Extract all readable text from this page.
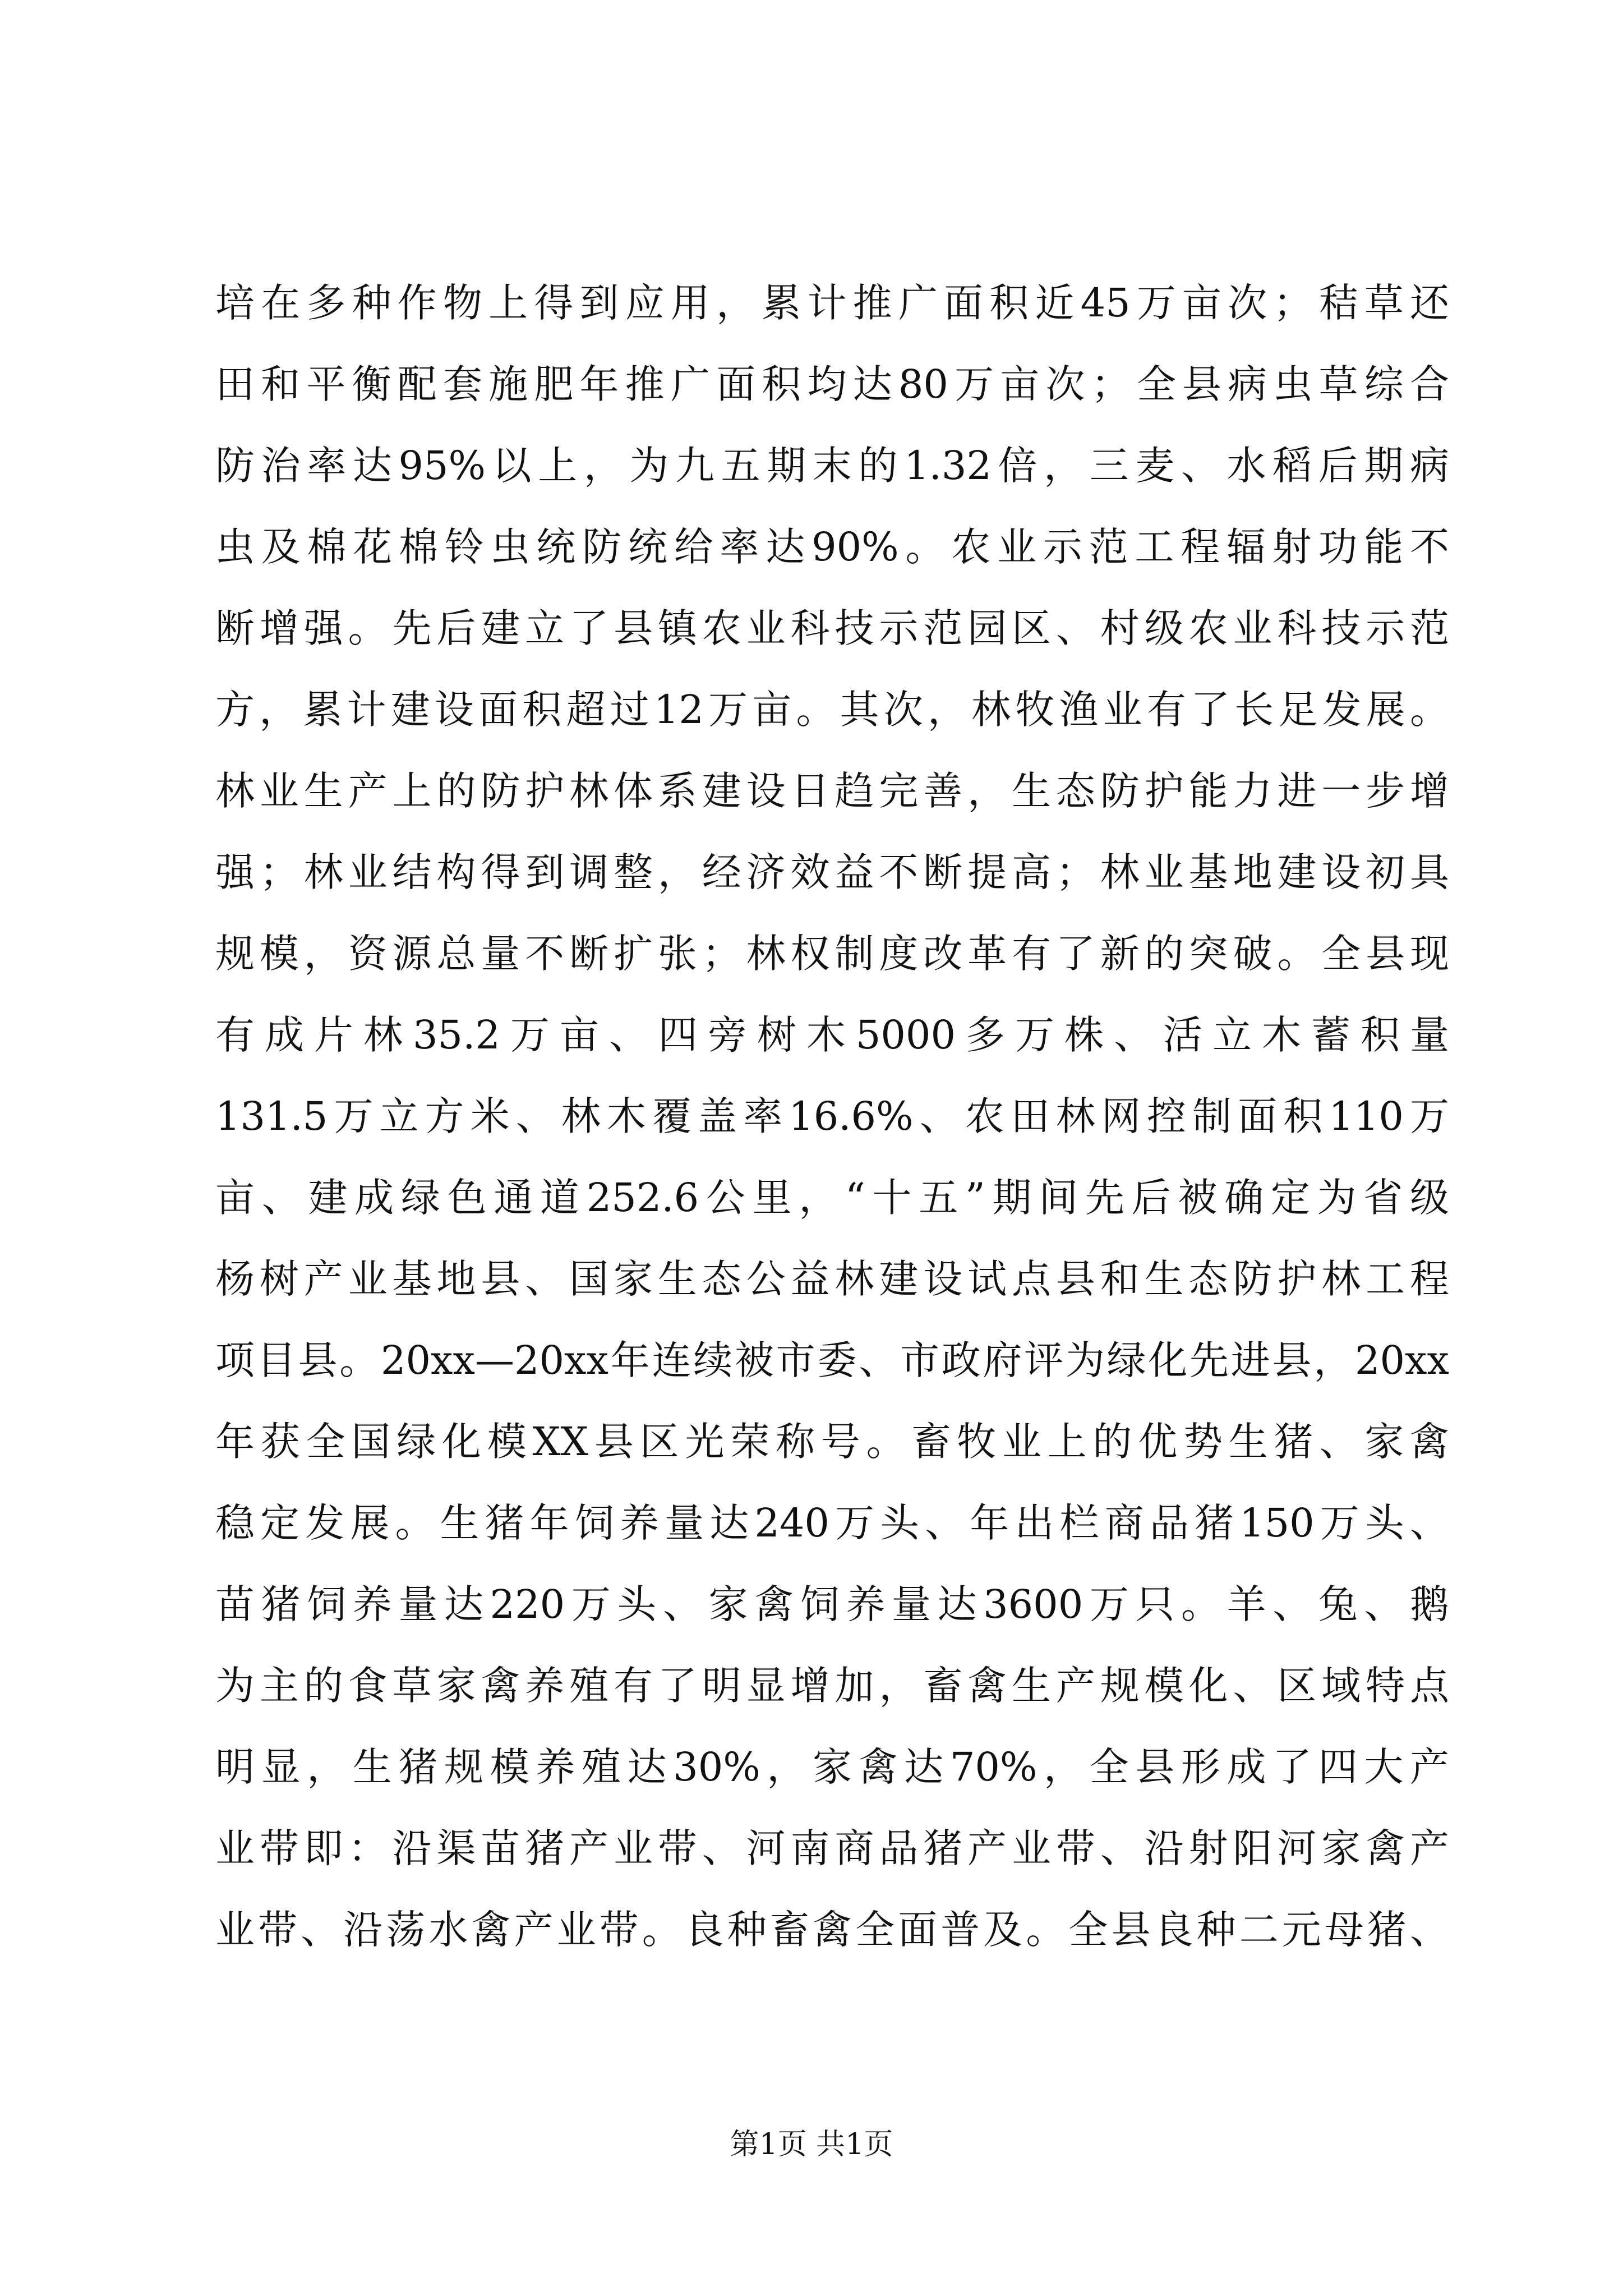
培在多种作物上得到应用，累计推广面积近45万亩次；秸草还
田和平衡配套施肥年推广面积均达80万亩次；全县病虫草综合
防治率达95%以上，为九五期末的1.32倍，三麦、水稻后期病
虫及棉花棉铃虫统防统给率达90%。农业示范工程辐射功能不
断增强。先后建立了县镇农业科技示范园区、村级农业科技示范
方，累计建设面积超过12万亩。其次，林牧渔业有了长足发展。
林业生产上的防护林体系建设日趋完善，生态防护能力进一步增
强；林业结构得到调整，经济效益不断提高；林业基地建设初具
规模，资源总量不断扩张；林权制度改革有了新的突破。全县现
有成片林35.2万亩、四旁树木5000多万株、活立木蓄积量
131.5万立方米、林木覆盖率16.6%、农田林网控制面积110万
亩、建成绿色通道252.6公里，“十五”期间先后被确定为省级
杨树产业基地县、国家生态公益林建设试点县和生态防护林工程
项目县。20xx—20xx年连续被市委、市政府评为绿化先进县，20xx
年获全国绿化模XX县区光荣称号。畜牧业上的优势生猪、家禽
稳定发展。生猪年饲养量达240万头、年出栏商品猪150万头、
苗猪饲养量达220万头、家禽饲养量达3600万只。羊、兔、鹅
为主的食草家禽养殖有了明显增加，畜禽生产规模化、区域特点
明显，生猪规模养殖达30%，家禽达70%，全县形成了四大产
业带即：沿渠苗猪产业带、河南商品猪产业带、沿射阳河家禽产
业带、沿荡水禽产业带。良种畜禽全面普及。全县良种二元母猪、
第1页 共1页
